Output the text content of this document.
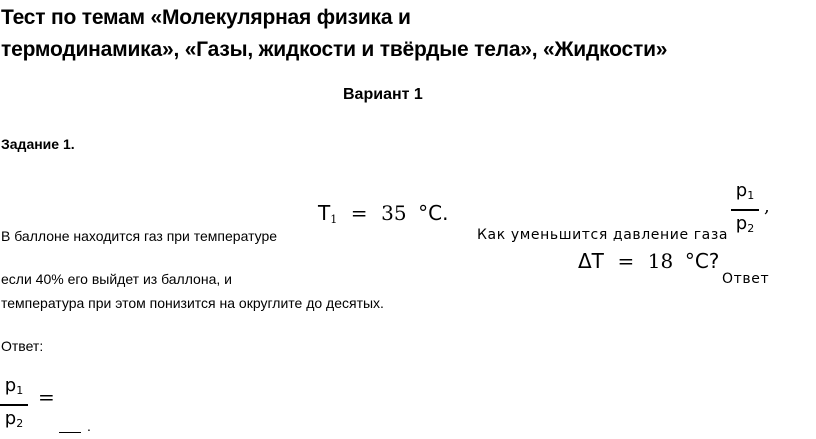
Тест по темам «Молекулярная физика и
термодинамика», «Газы, жидкости и твёрдые тела», «Жидкости»
Вариант 1
Задание 1.
$T_1 = 35$ °C.
$p_1$
$p_2$
,
В баллоне находится газ при температуре	Как уменьшится давление газа
ΔT = 18 °C?
если 40% его выйдет из баллона, и	Ответ
температура при этом понизится на округлите до десятых.
Ответ:
$p_1$
$p_2$
=
.
